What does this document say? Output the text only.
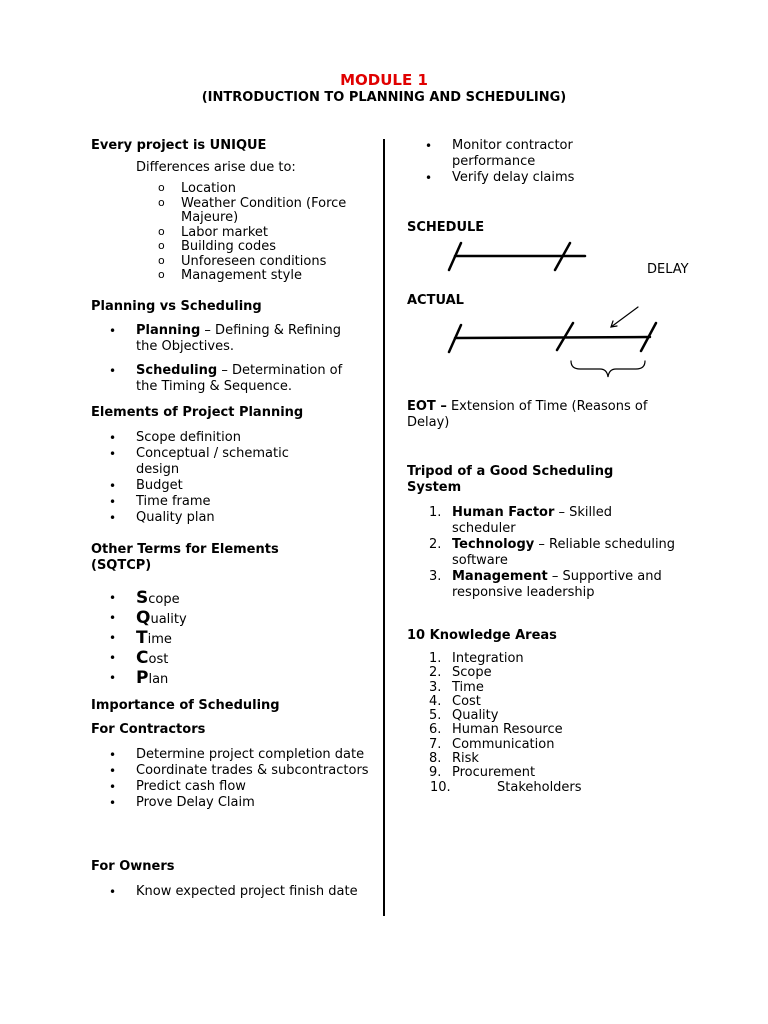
MODULE 1
(INTRODUCTION TO PLANNING AND SCHEDULING)
Every project is UNIQUE
Differences arise due to:
o Location
o Weather Condition (Force Majeure)
o Labor market
o Building codes
o Unforeseen conditions
o Management style
Planning vs Scheduling
• Planning – Defining & Refining the Objectives.
• Scheduling – Determination of the Timing & Sequence.
Elements of Project Planning
• Scope definition
• Conceptual / schematic design
• Budget
• Time frame
• Quality plan
Other Terms for Elements (SQTCP)
• Scope
• Quality
• Time
• Cost
• Plan
Importance of Scheduling
For Contractors
• Determine project completion date
• Coordinate trades & subcontractors
• Predict cash flow
• Prove Delay Claim
For Owners
• Know expected project finish date
• Monitor contractor performance
• Verify delay claims
SCHEDULE
DELAY
ACTUAL
EOT – Extension of Time (Reasons of Delay)
Tripod of a Good Scheduling System
1. Human Factor – Skilled scheduler
2. Technology – Reliable scheduling software
3. Management – Supportive and responsive leadership
10 Knowledge Areas
1. Integration
2. Scope
3. Time
4. Cost
5. Quality
6. Human Resource
7. Communication
8. Risk
9. Procurement
10.	Stakeholders
